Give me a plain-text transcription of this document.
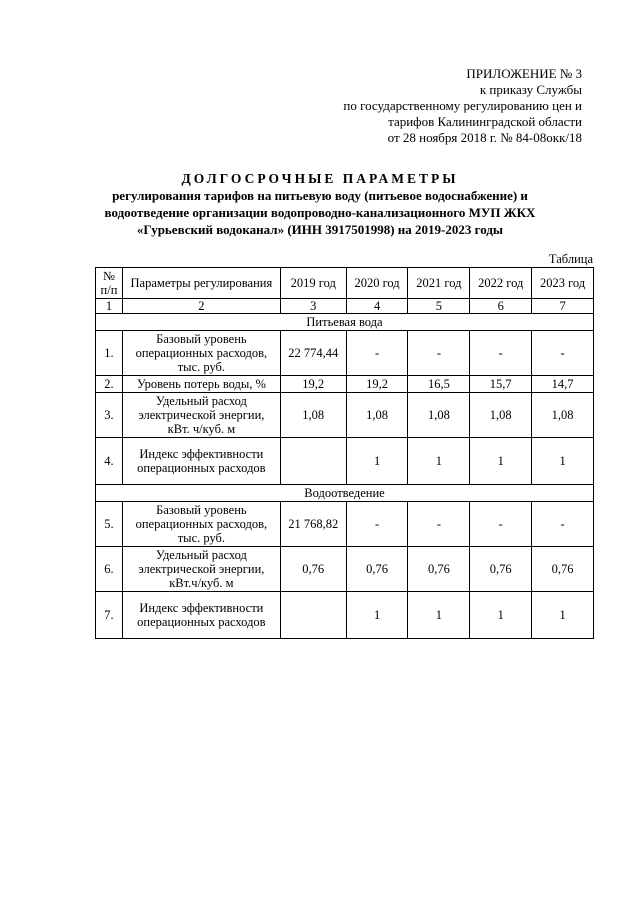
ПРИЛОЖЕНИЕ № 3
к приказу Службы
по государственному регулированию цен и
тарифов Калининградской области
от 28 ноября 2018 г. № 84-08окк/18
ДОЛГОСРОЧНЫЕ ПАРАМЕТРЫ
регулирования тарифов на питьевую воду (питьевое водоснабжение) и
водоотведение организации водопроводно-канализационного МУП ЖКХ
«Гурьевский водоканал» (ИНН 3917501998) на 2019-2023 годы
Таблица
№ п/п	Параметры регулирования	2019 год	2020 год	2021 год	2022 год	2023 год
1	2	3	4	5	6	7
Питьевая вода						
1.	Базовый уровень операционных расходов, тыс. руб.	22 774,44	-	-	-	-
2.	Уровень потерь воды, %	19,2	19,2	16,5	15,7	14,7
3.	Удельный расход электрической энергии, кВт. ч/куб. м	1,08	1,08	1,08	1,08	1,08
4.	Индекс эффективности операционных расходов		1	1	1	1
Водоотведение						
5.	Базовый уровень операционных расходов, тыс. руб.	21 768,82	-	-	-	-
6.	Удельный расход электрической энергии, кВт.ч/куб. м	0,76	0,76	0,76	0,76	0,76
7.	Индекс эффективности операционных расходов		1	1	1	1
